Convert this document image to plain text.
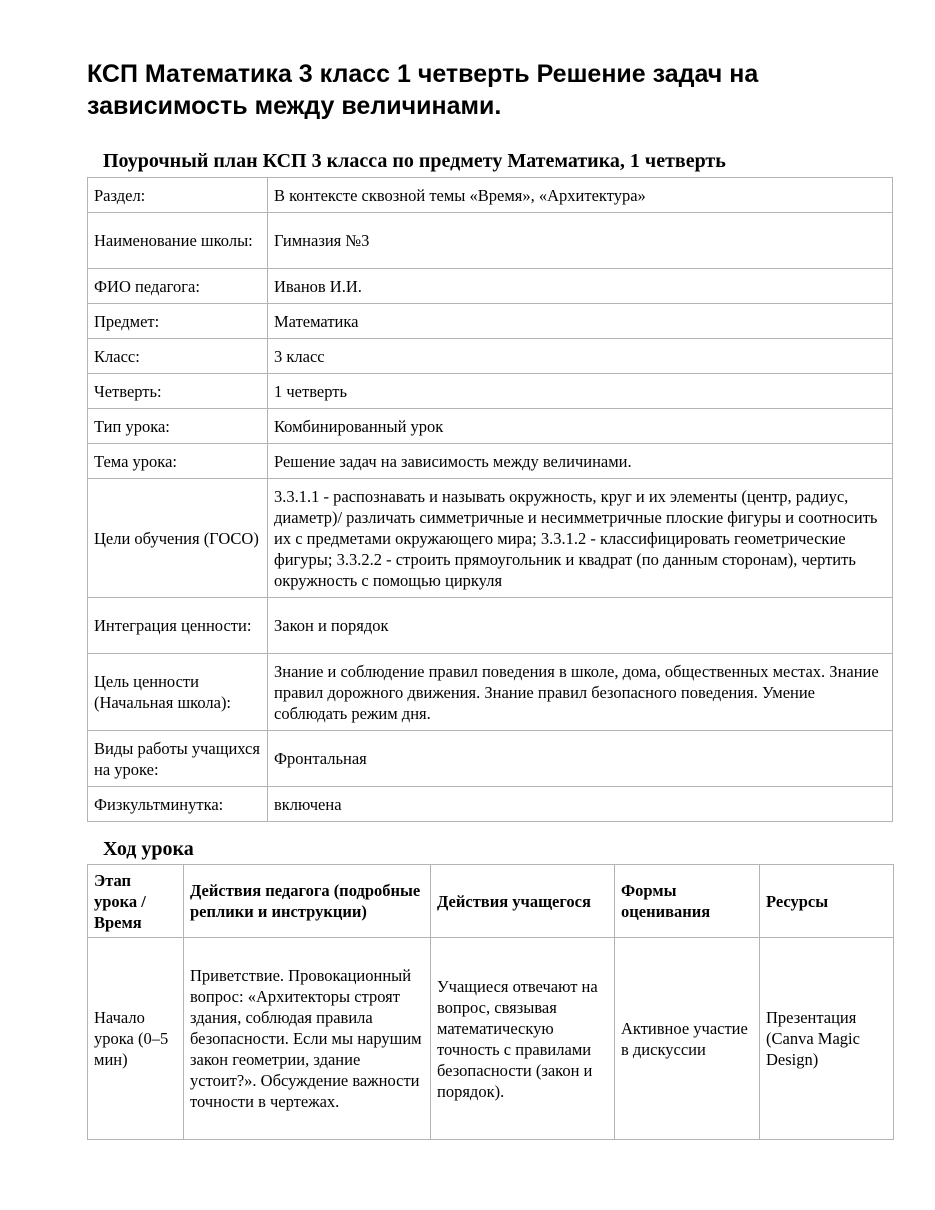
КСП Математика 3 класс 1 четверть Решение задач на зависимость между величинами.
Поурочный план КСП 3 класса по предмету Математика, 1 четверть
Раздел:	В контексте сквозной темы «Время», «Архитектура»
Наименование школы:	Гимназия №3
ФИО педагога:	Иванов И.И.
Предмет:	Математика
Класс:	3 класс
Четверть:	1 четверть
Тип урока:	Комбинированный урок
Тема урока:	Решение задач на зависимость между величинами.
Цели обучения (ГОСО)	3.3.1.1 - распознавать и называть окружность, круг и их элементы (центр, радиус, диаметр)/ различать симметричные и несимметричные плоские фигуры и соотносить их с предметами окружающего мира; 3.3.1.2 - классифицировать геометрические фигуры; 3.3.2.2 - строить прямоугольник и квадрат (по данным сторонам), чертить окружность с помощью циркуля
Интеграция ценности:	Закон и порядок
Цель ценности (Начальная школа):	Знание и соблюдение правил поведения в школе, дома, общественных местах. Знание правил дорожного движения. Знание правил безопасного поведения. Умение соблюдать режим дня.
Виды работы учащихся на уроке:	Фронтальная
Физкультминутка:	включена
Ход урока
Этап урока / Время	Действия педагога (подробные реплики и инструкции)	Действия учащегося	Формы оценивания	Ресурсы
Начало урока (0–5 мин)	Приветствие. Провокационный вопрос: «Архитекторы строят здания, соблюдая правила безопасности. Если мы нарушим закон геометрии, здание устоит?». Обсуждение важности точности в чертежах.	Учащиеся отвечают на вопрос, связывая математическую точность с правилами безопасности (закон и порядок).	Активное участие в дискуссии	Презентация (Canva Magic Design)
